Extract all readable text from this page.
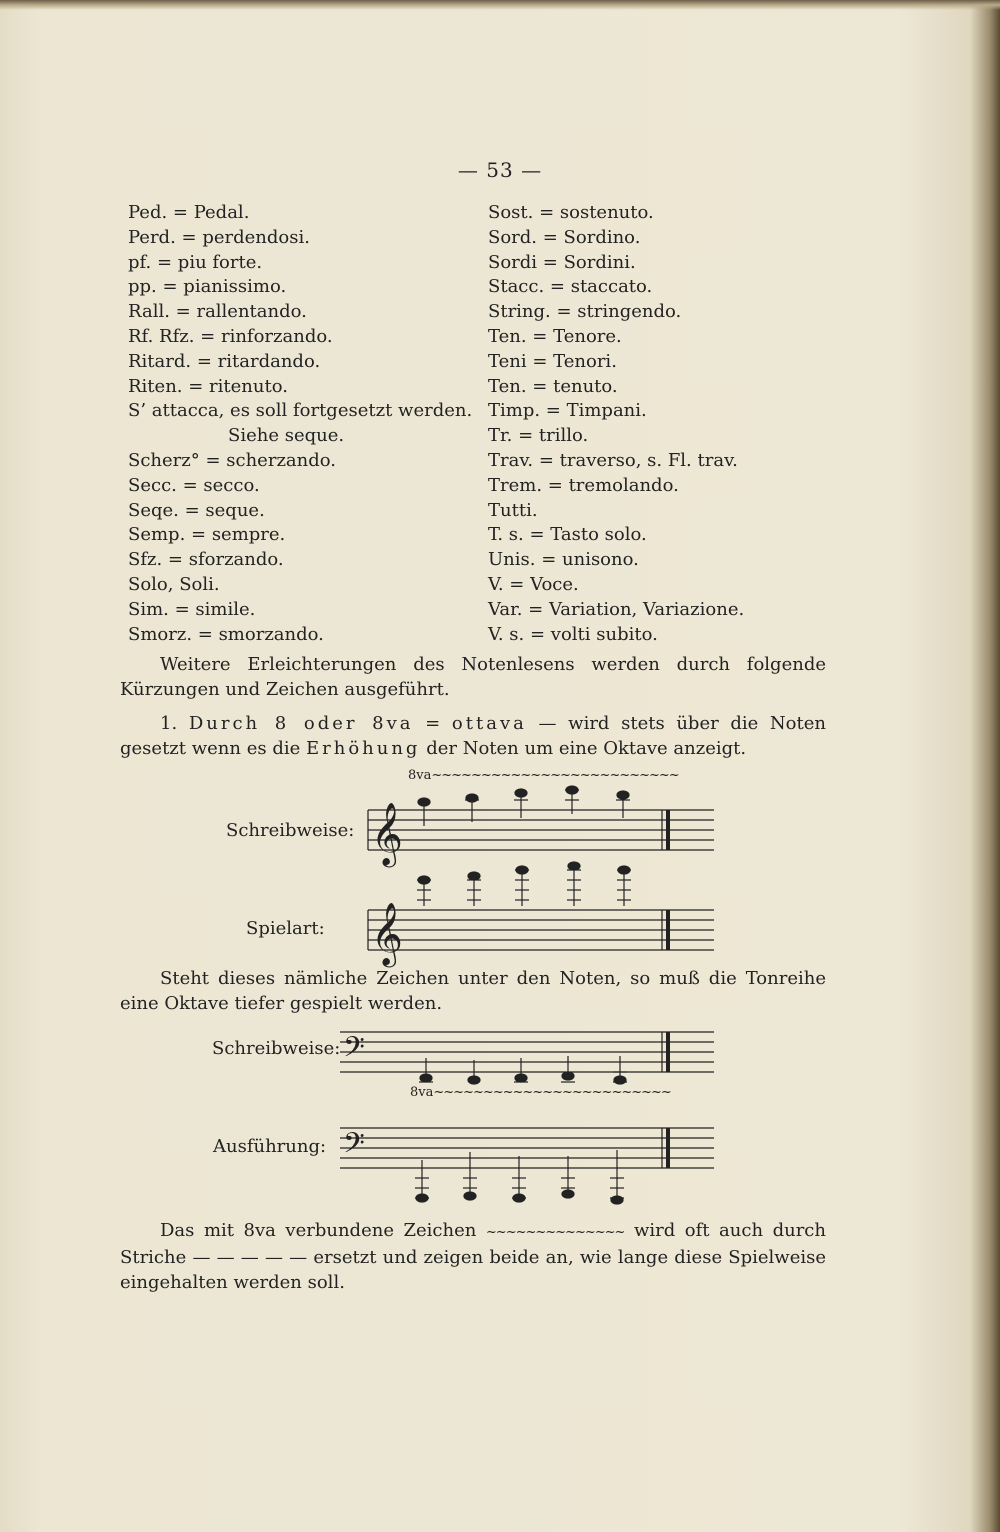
— 53 —
Ped. = Pedal.
Perd. = perdendosi.
pf. = piu forte.
pp. = pianissimo.
Rall. = rallentando.
Rf. Rfz. = rinforzando.
Ritard. = ritardando.
Riten. = ritenuto.
S’ attacca, es soll fortgesetzt werden.
Siehe seque.
Scherz° = scherzando.
Secc. = secco.
Seqe. = seque.
Semp. = sempre.
Sfz. = sforzando.
Solo, Soli.
Sim. = simile.
Smorz. = smorzando.
Sost. = sostenuto.
Sord. = Sordino.
Sordi = Sordini.
Stacc. = staccato.
String. = stringendo.
Ten. = Tenore.
Teni = Tenori.
Ten. = tenuto.
Timp. = Timpani.
Tr. = trillo.
Trav. = traverso, s. Fl. trav.
Trem. = tremolando.
Tutti.
T. s. = Tasto solo.
Unis. = unisono.
V. = Voce.
Var. = Variation, Variazione.
V. s. = volti subito.
Weitere Erleichterungen des Notenlesens werden durch folgende Kürzungen und Zeichen ausgeführt.
1. Durch 8 oder 8va = ottava — wird stets über die Noten gesetzt wenn es die Erhöhung der Noten um eine Oktave anzeigt.
8va~~~~~~~~~~~~~~~~~~~~~~~~~
Schreibweise:
Spielart:
Steht dieses nämliche Zeichen unter den Noten, so muß die Tonreihe eine Oktave tiefer gespielt werden.
Schreibweise:
8va~~~~~~~~~~~~~~~~~~~~~~~~
Ausführung:
Das mit 8va verbundene Zeichen ~~~~~~~~~~~~~~ wird oft auch durch Striche — — — — — ersetzt und zeigen beide an, wie lange diese Spielweise eingehalten werden soll.
𝄞
𝄞
𝄢
𝄢
